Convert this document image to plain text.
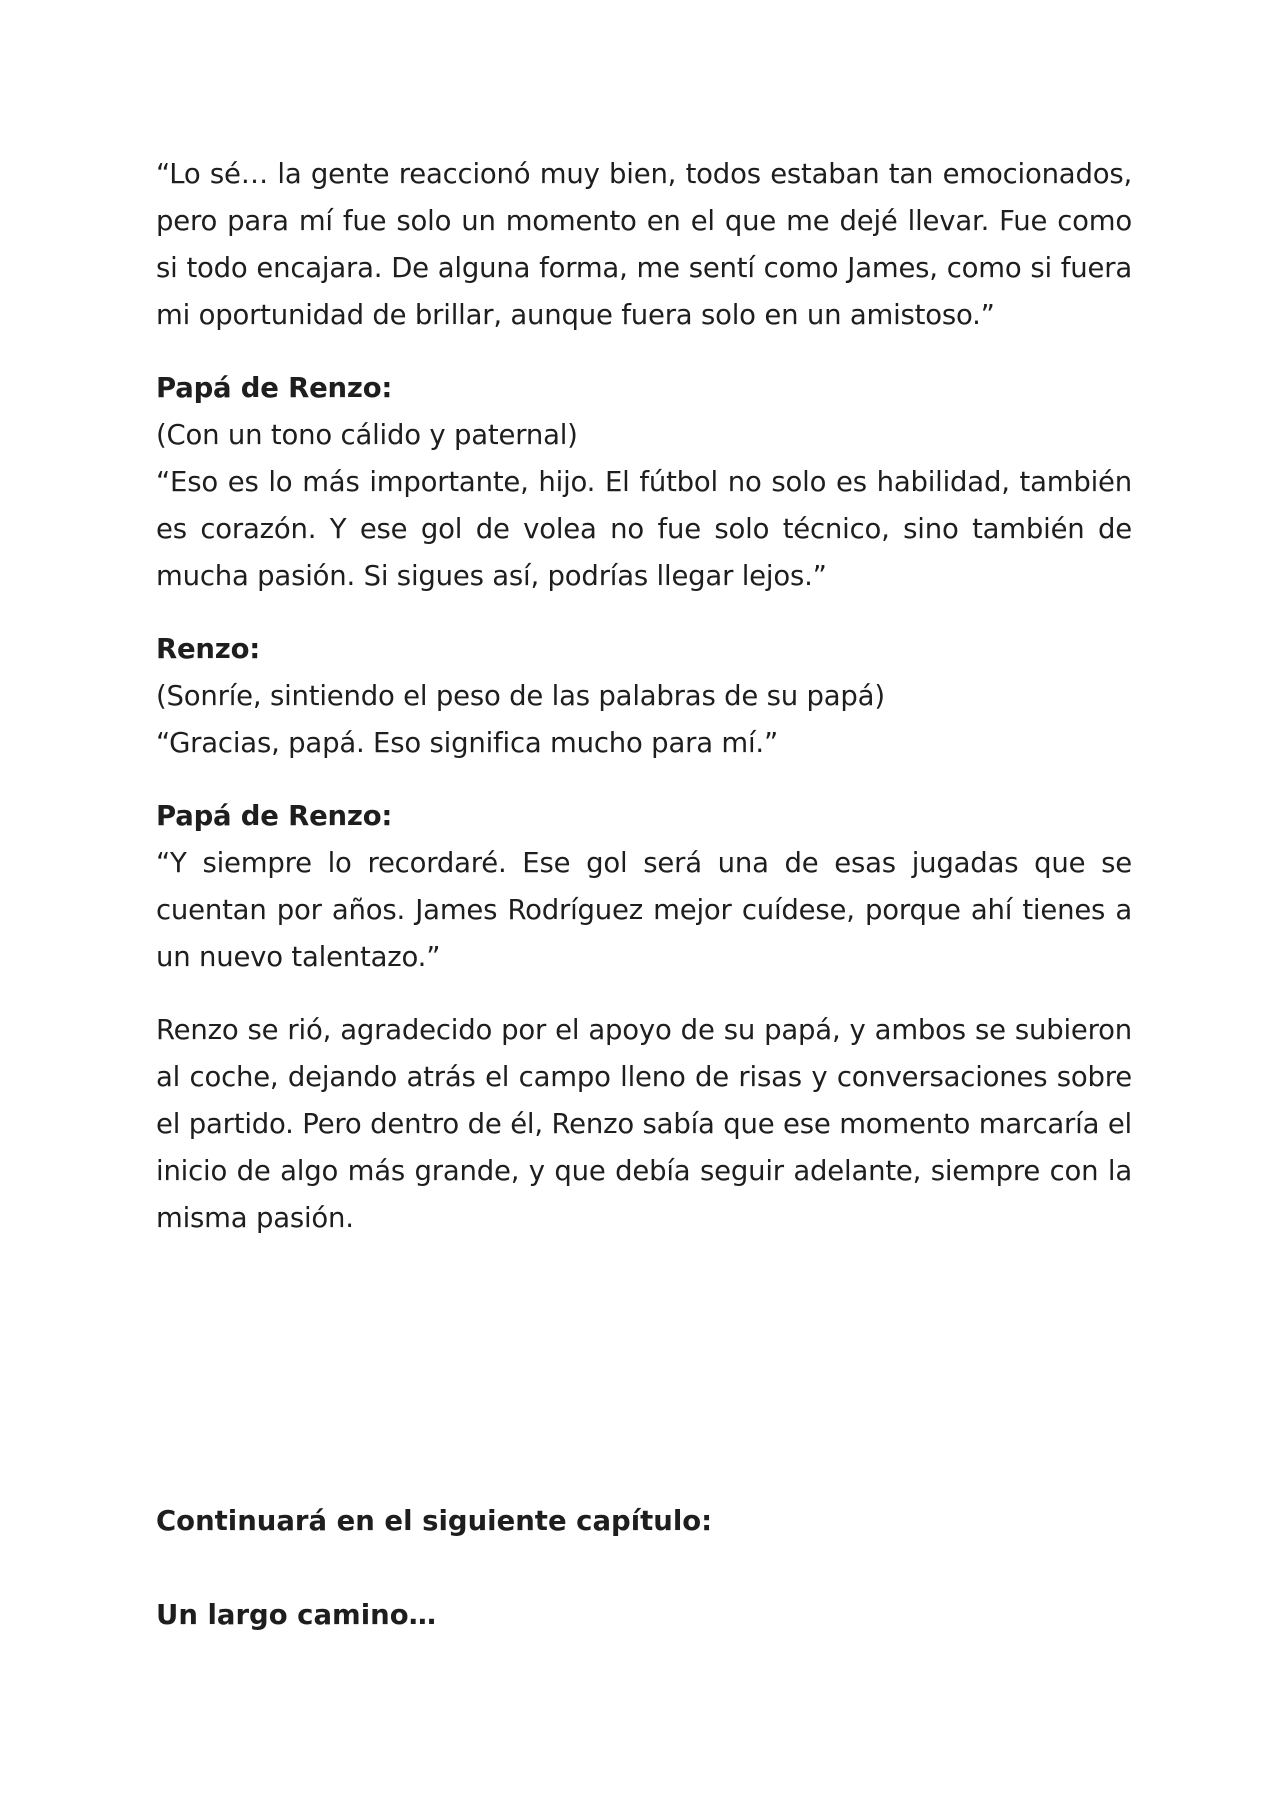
“Lo sé… la gente reaccionó muy bien, todos estaban tan emocionados, pero para mí fue solo un momento en el que me dejé llevar. Fue como si todo encajara. De alguna forma, me sentí como James, como si fuera mi oportunidad de brillar, aunque fuera solo en un amistoso.”

Papá de Renzo:

(Con un tono cálido y paternal)

“Eso es lo más importante, hijo. El fútbol no solo es habilidad, también es corazón. Y ese gol de volea no fue solo técnico, sino también de mucha pasión. Si sigues así, podrías llegar lejos.”

Renzo:

(Sonríe, sintiendo el peso de las palabras de su papá)

“Gracias, papá. Eso significa mucho para mí.”

Papá de Renzo:

“Y siempre lo recordaré. Ese gol será una de esas jugadas que se cuentan por años. James Rodríguez mejor cuídese, porque ahí tienes a un nuevo talentazo.”

Renzo se rió, agradecido por el apoyo de su papá, y ambos se subieron al coche, dejando atrás el campo lleno de risas y conversaciones sobre el partido. Pero dentro de él, Renzo sabía que ese momento marcaría el inicio de algo más grande, y que debía seguir adelante, siempre con la misma pasión.

Continuará en el siguiente capítulo:

Un largo camino…
